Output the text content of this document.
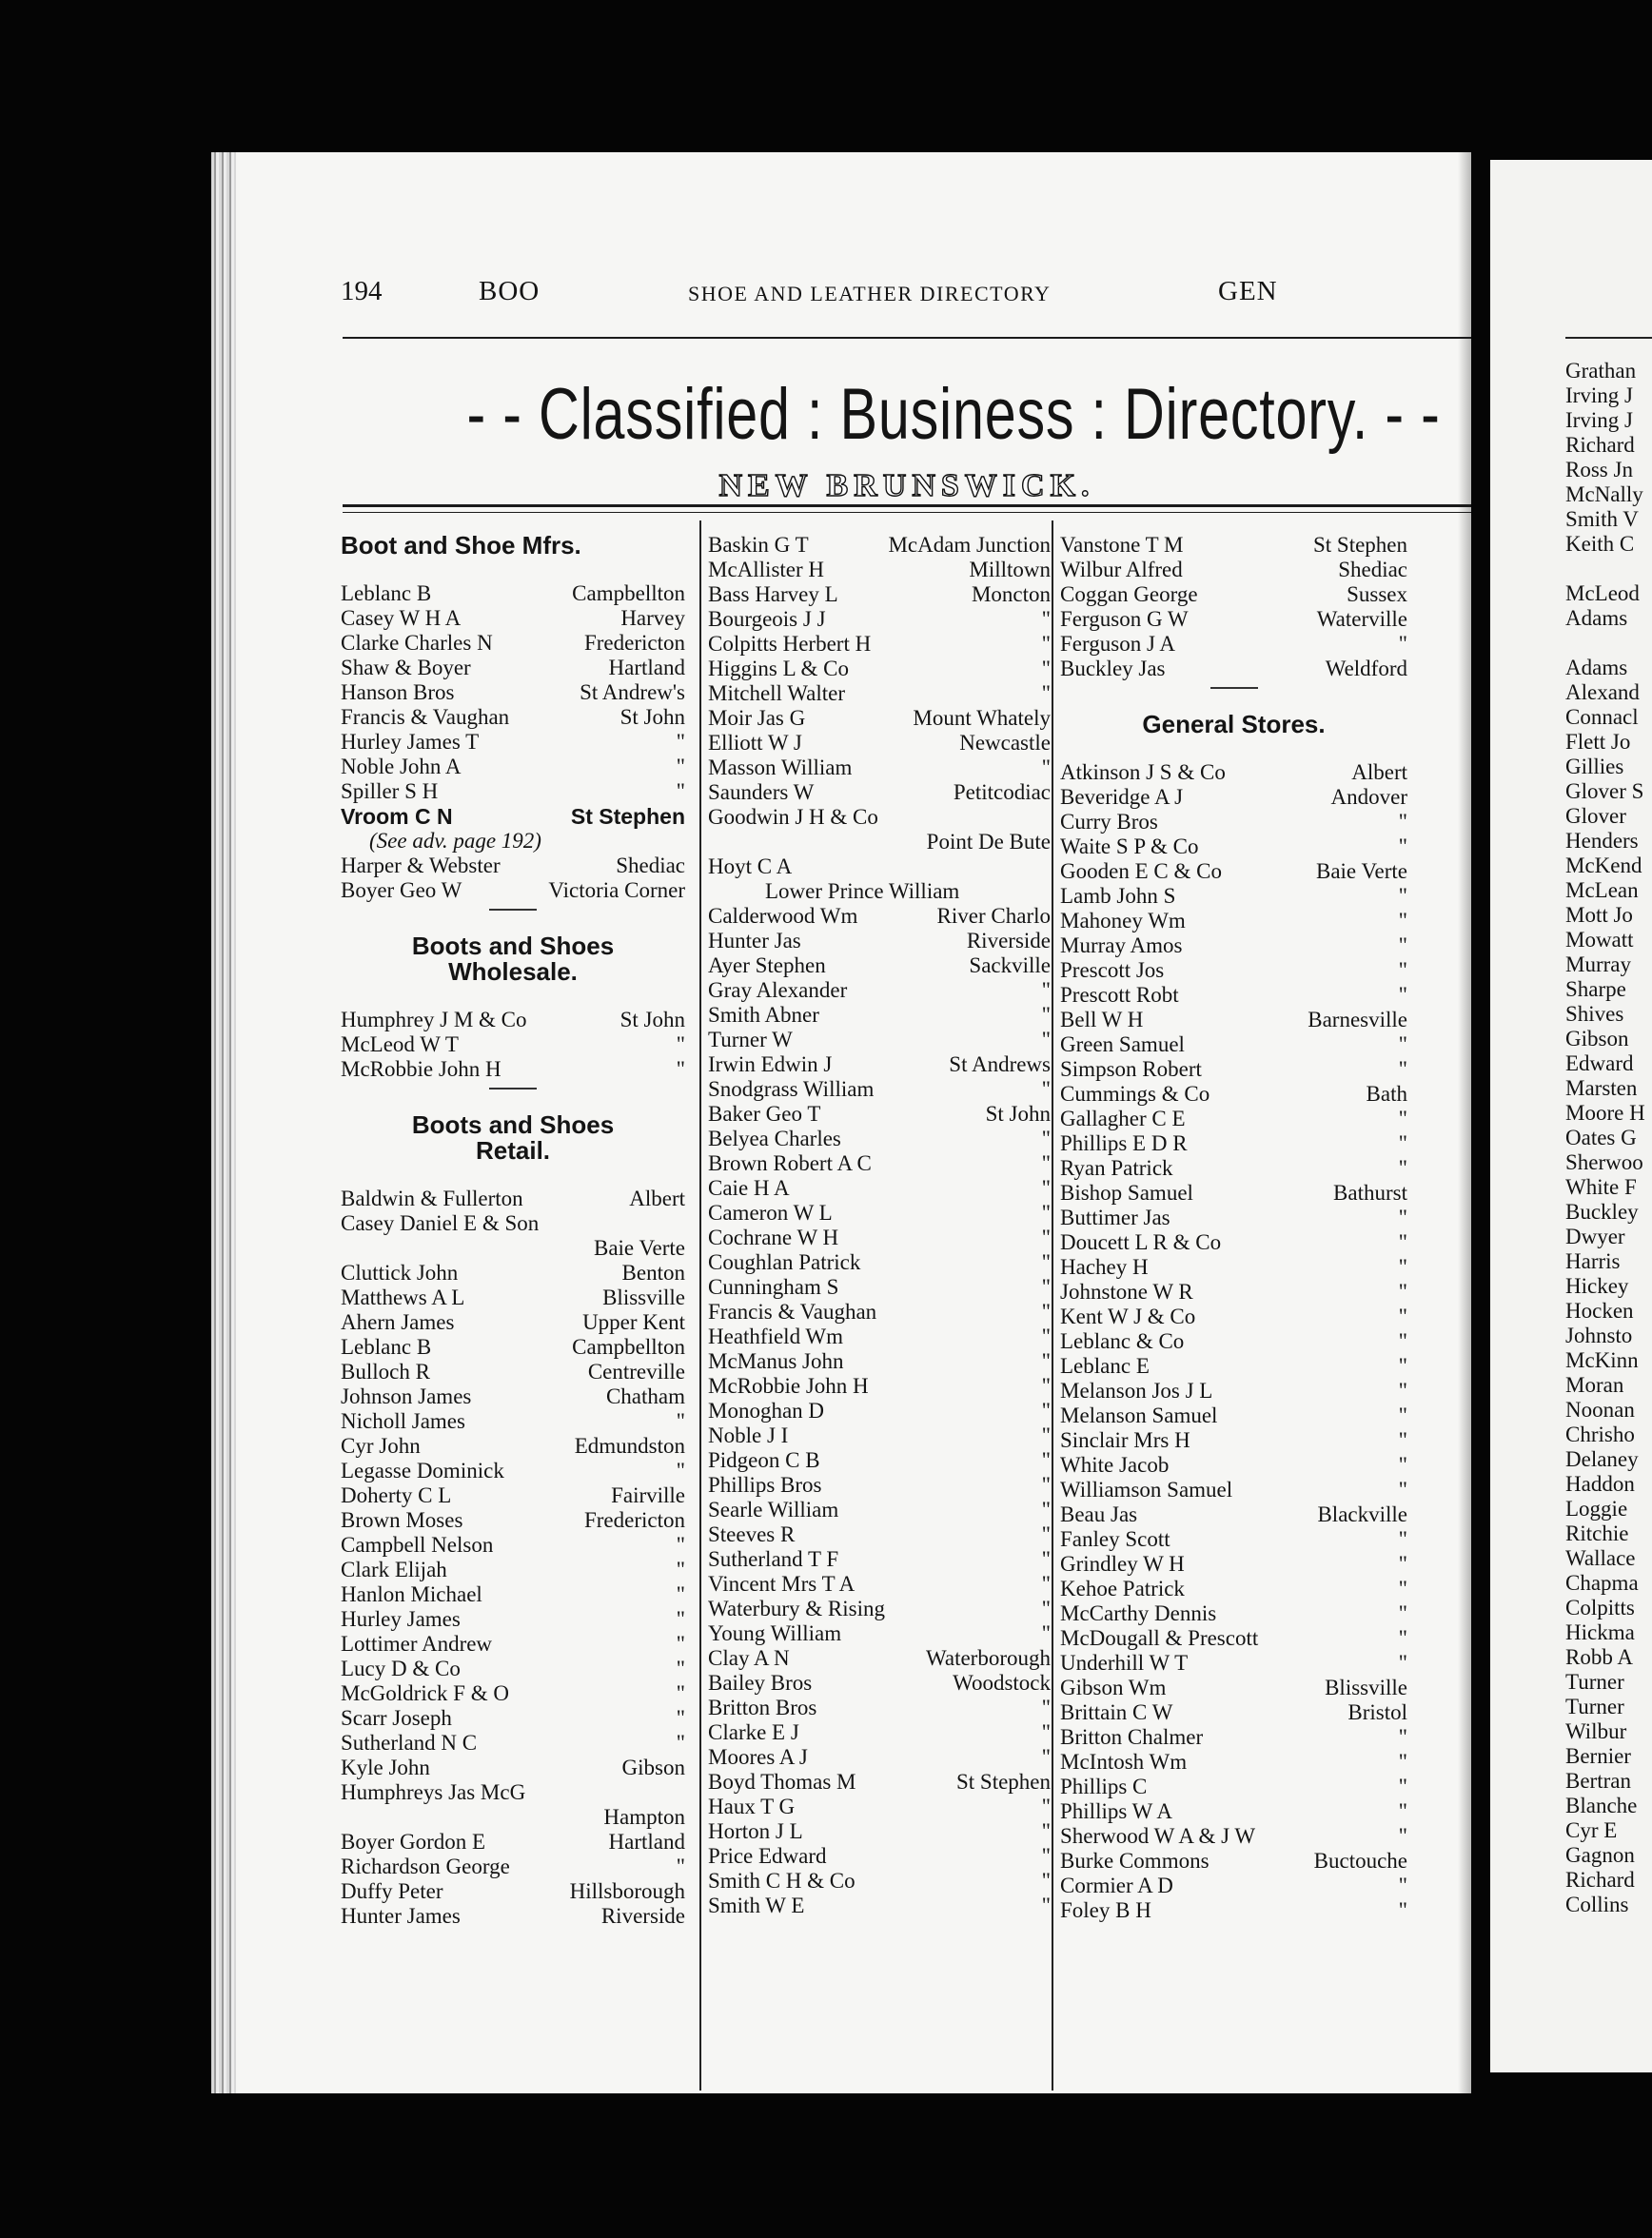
194	BOO	SHOE AND LEATHER DIRECTORY	GEN
- - Classified : Business : Directory. - -
NEW BRUNSWICK.
Boot and Shoe Mfrs.
Leblanc B	Campbellton
Casey W H A	Harvey
Clarke Charles N	Fredericton
Shaw & Boyer	Hartland
Hanson Bros	St Andrew's
Francis & Vaughan	St John
Hurley James T	"
Noble John A	"
Spiller S H	"
Vroom C N	St Stephen
(See adv. page 192)
Harper & Webster	Shediac
Boyer Geo W	Victoria Corner
Boots and Shoes
Wholesale.
Humphrey J M & Co	St John
McLeod W T	"
McRobbie John H	"
Boots and Shoes
Retail.
Baldwin & Fullerton	Albert
Casey Daniel E & Son
Baie Verte
Cluttick John	Benton
Matthews A L	Blissville
Ahern James	Upper Kent
Leblanc B	Campbellton
Bulloch R	Centreville
Johnson James	Chatham
Nicholl James	"
Cyr John	Edmundston
Legasse Dominick	"
Doherty C L	Fairville
Brown Moses	Fredericton
Campbell Nelson	"
Clark Elijah	"
Hanlon Michael	"
Hurley James	"
Lottimer Andrew	"
Lucy D & Co	"
McGoldrick F & O	"
Scarr Joseph	"
Sutherland N C	"
Kyle John	Gibson
Humphreys Jas McG
Hampton
Boyer Gordon E	Hartland
Richardson George	"
Duffy Peter	Hillsborough
Hunter James	Riverside
Baskin G T	McAdam Junction
McAllister H	Milltown
Bass Harvey L	Moncton
Bourgeois J J	"
Colpitts Herbert H	"
Higgins L & Co	"
Mitchell Walter	"
Moir Jas G	Mount Whately
Elliott W J	Newcastle
Masson William	"
Saunders W	Petitcodiac
Goodwin J H & Co
Point De Bute
Hoyt C A
Lower Prince William
Calderwood Wm	River Charlo
Hunter Jas	Riverside
Ayer Stephen	Sackville
Gray Alexander	"
Smith Abner	"
Turner W	"
Irwin Edwin J	St Andrews
Snodgrass William	"
Baker Geo T	St John
Belyea Charles	"
Brown Robert A C	"
Caie H A	"
Cameron W L	"
Cochrane W H	"
Coughlan Patrick	"
Cunningham S	"
Francis & Vaughan	"
Heathfield Wm	"
McManus John	"
McRobbie John H	"
Monoghan D	"
Noble J I	"
Pidgeon C B	"
Phillips Bros	"
Searle William	"
Steeves R	"
Sutherland T F	"
Vincent Mrs T A	"
Waterbury & Rising	"
Young William	"
Clay A N	Waterborough
Bailey Bros	Woodstock
Britton Bros	"
Clarke E J	"
Moores A J	"
Boyd Thomas M	St Stephen
Haux T G	"
Horton J L	"
Price Edward	"
Smith C H & Co	"
Smith W E	"
Vanstone T M	St Stephen
Wilbur Alfred	Shediac
Coggan George	Sussex
Ferguson G W	Waterville
Ferguson J A	"
Buckley Jas	Weldford
General Stores.
Atkinson J S & Co	Albert
Beveridge A J	Andover
Curry Bros	"
Waite S P & Co	"
Gooden E C & Co	Baie Verte
Lamb John S	"
Mahoney Wm	"
Murray Amos	"
Prescott Jos	"
Prescott Robt	"
Bell W H	Barnesville
Green Samuel	"
Simpson Robert	"
Cummings & Co	Bath
Gallagher C E	"
Phillips E D R	"
Ryan Patrick	"
Bishop Samuel	Bathurst
Buttimer Jas	"
Doucett L R & Co	"
Hachey H	"
Johnstone W R	"
Kent W J & Co	"
Leblanc & Co	"
Leblanc E	"
Melanson Jos J L	"
Melanson Samuel	"
Sinclair Mrs H	"
White Jacob	"
Williamson Samuel	"
Beau Jas	Blackville
Fanley Scott	"
Grindley W H	"
Kehoe Patrick	"
McCarthy Dennis	"
McDougall & Prescott	"
Underhill W T	"
Gibson Wm	Blissville
Brittain C W	Bristol
Britton Chalmer	"
McIntosh Wm	"
Phillips C	"
Phillips W A	"
Sherwood W A & J W	"
Burke Commons	Buctouche
Cormier A D	"
Foley B H	"
Grathan
Irving J
Irving J
Richard
Ross Jn
McNally
Smith V
Keith C
McLeod
Adams
Adams
Alexand
Connacl
Flett Jo
Gillies
Glover S
Glover
Henders
McKend
McLean
Mott Jo
Mowatt
Murray
Sharpe
Shives
Gibson
Edward
Marsten
Moore H
Oates G
Sherwoo
White F
Buckley
Dwyer
Harris
Hickey
Hocken
Johnsto
McKinn
Moran
Noonan
Chrisho
Delaney
Haddon
Loggie
Ritchie
Wallace
Chapma
Colpitts
Hickma
Robb A
Turner
Turner
Wilbur
Bernier
Bertran
Blanche
Cyr E
Gagnon
Richard
Collins
